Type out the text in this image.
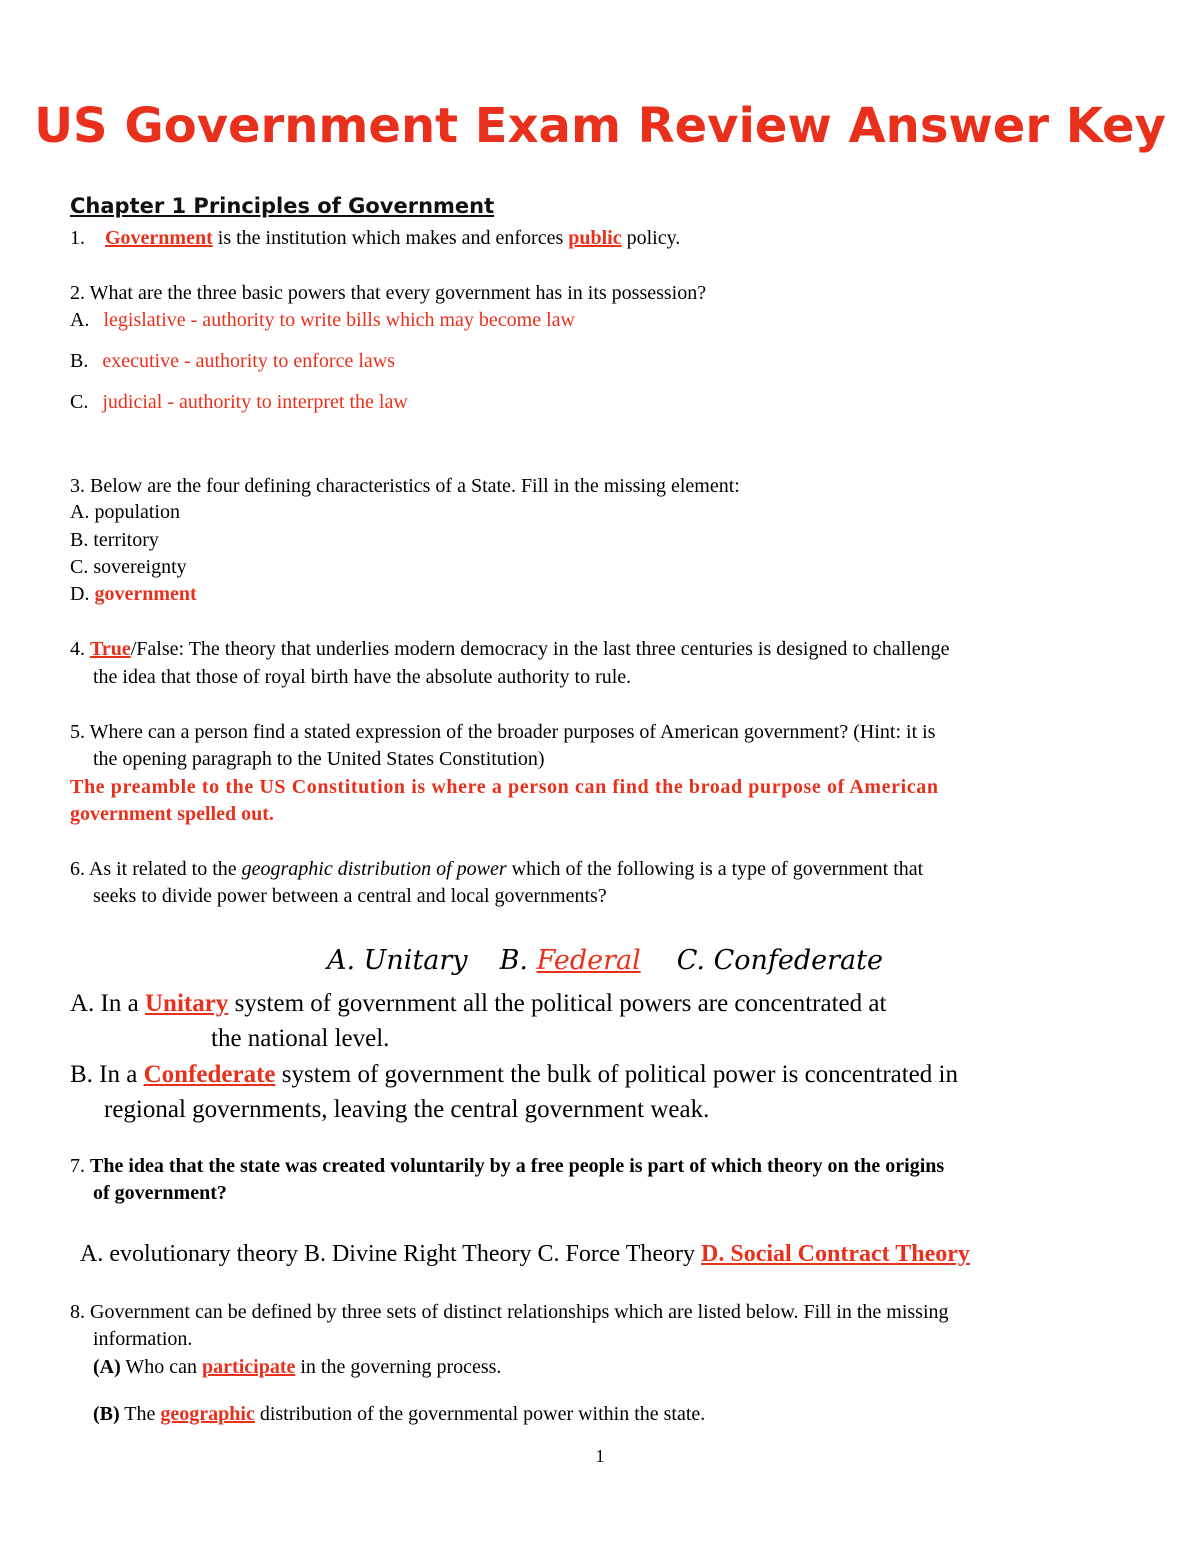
US Government Exam Review Answer Key
Chapter 1 Principles of Government
1. Government is the institution which makes and enforces public policy.
2. What are the three basic powers that every government has in its possession?
A. legislative - authority to write bills which may become law
B. executive - authority to enforce laws
C. judicial - authority to interpret the law
3. Below are the four defining characteristics of a State. Fill in the missing element:
A. population
B. territory
C. sovereignty
D. government
4. True/False: The theory that underlies modern democracy in the last three centuries is designed to challenge
the idea that those of royal birth have the absolute authority to rule.
5. Where can a person find a stated expression of the broader purposes of American government? (Hint: it is
the opening paragraph to the United States Constitution)
The preamble to the US Constitution is where a person can find the broad purpose of American
government spelled out.
6. As it related to the geographic distribution of power which of the following is a type of government that
seeks to divide power between a central and local governments?
A. Unitary B. Federal C. Confederate
A. In a Unitary system of government all the political powers are concentrated at
the national level.
B. In a Confederate system of government the bulk of political power is concentrated in
regional governments, leaving the central government weak.
7. The idea that the state was created voluntarily by a free people is part of which theory on the origins
of government?
A. evolutionary theory B. Divine Right Theory C. Force Theory D. Social Contract Theory
8. Government can be defined by three sets of distinct relationships which are listed below. Fill in the missing
information.
(A) Who can participate in the governing process.
(B) The geographic distribution of the governmental power within the state.
1
